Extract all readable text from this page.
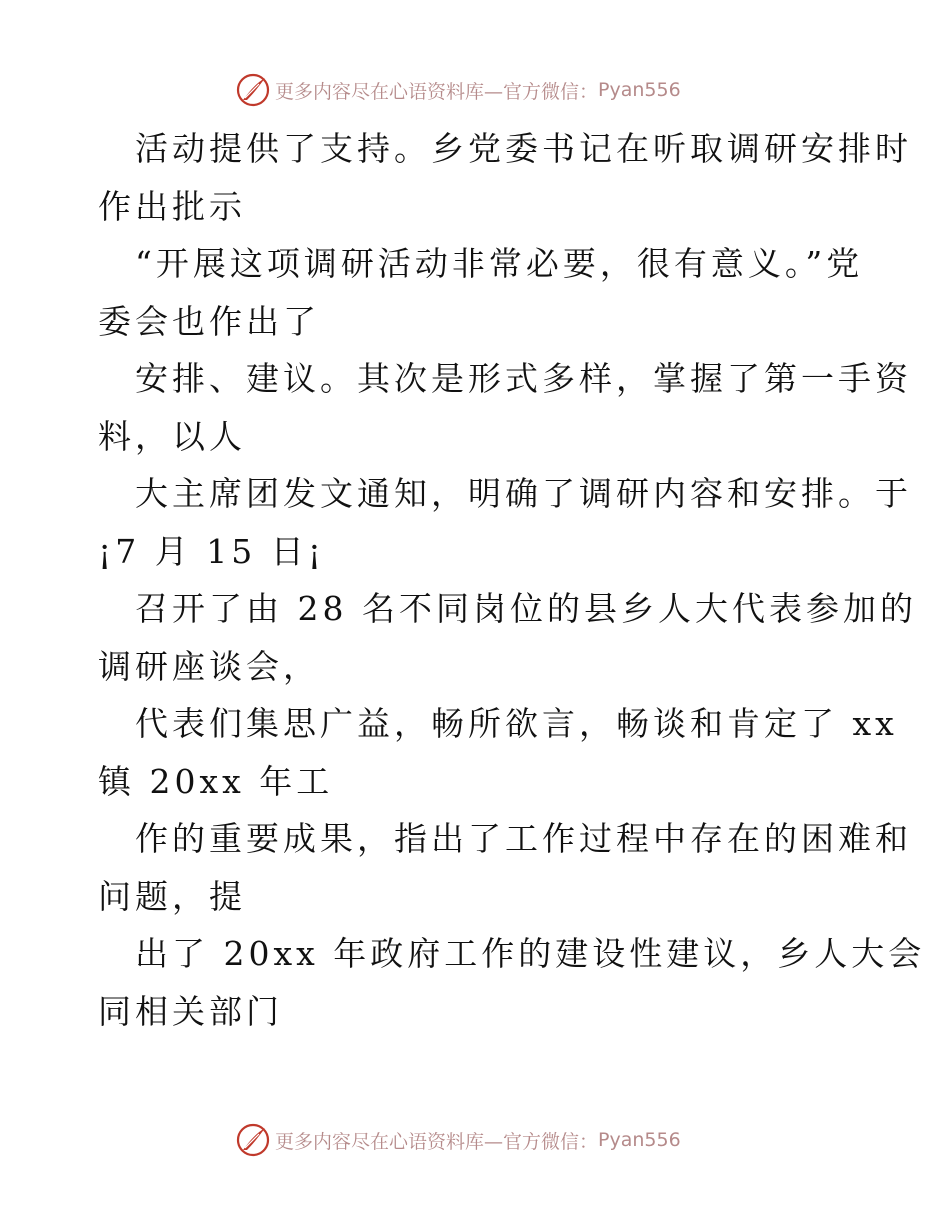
更多内容尽在心语资料库—官方微信： Pyan556

活动提供了支持。乡党委书记在听取调研安排时
作出批示

“开展这项调研活动非常必要，很有意义。”党
委会也作出了

安排、建议。其次是形式多样，掌握了第一手资
料，以人

大主席团发文通知，明确了调研内容和安排。于
¡7 月 15 日¡

召开了由 28 名不同岗位的县乡人大代表参加的
调研座谈会，

代表们集思广益，畅所欲言，畅谈和肯定了 xx
镇 20xx 年工

作的重要成果，指出了工作过程中存在的困难和
问题，提

出了 20xx 年政府工作的建设性建议，乡人大会
同相关部门

更多内容尽在心语资料库—官方微信： Pyan556
